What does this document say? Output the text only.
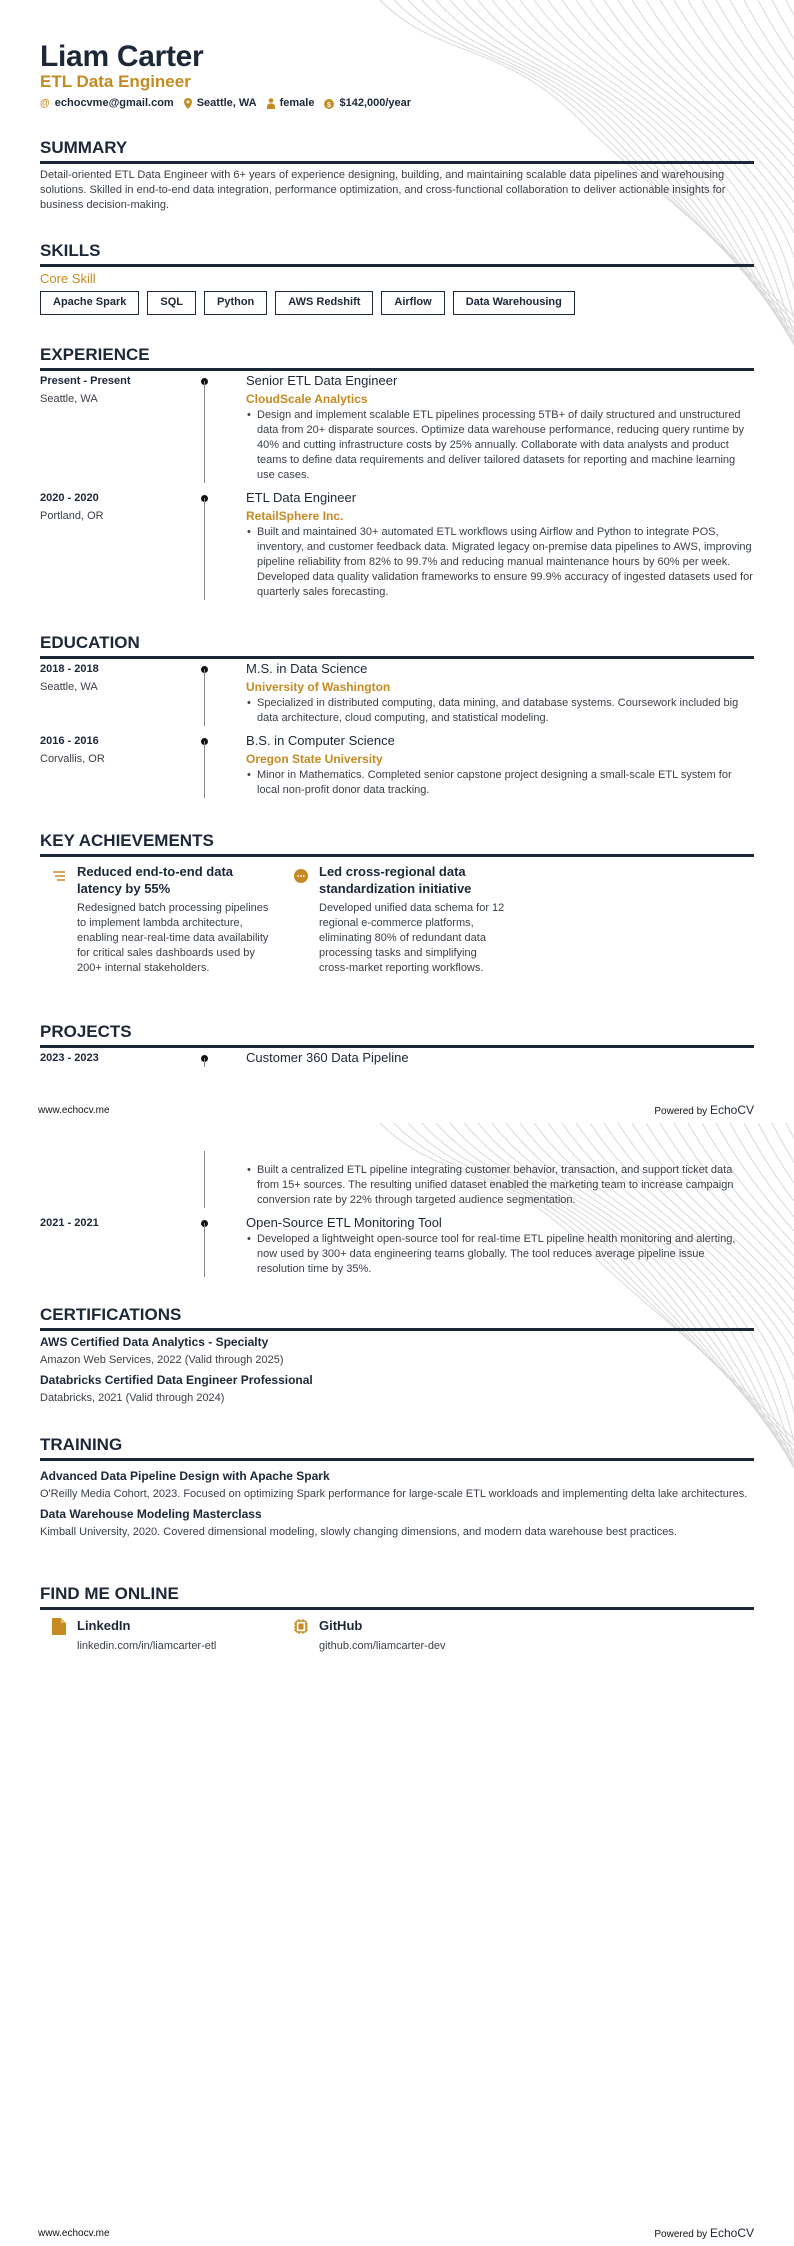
Liam Carter
ETL Data Engineer
@ echocvme@gmail.com Seattle, WA female $ $142,000/year
SUMMARY
Detail-oriented ETL Data Engineer with 6+ years of experience designing, building, and maintaining scalable data pipelines and warehousing solutions. Skilled in end-to-end data integration, performance optimization, and cross-functional collaboration to deliver actionable insights for business decision-making.
SKILLS
Core Skill
Apache Spark	SQL	Python	AWS Redshift	Airflow	Data Warehousing
EXPERIENCE
Present - Present
Seattle, WA
Senior ETL Data Engineer
CloudScale Analytics
• Design and implement scalable ETL pipelines processing 5TB+ of daily structured and unstructured data from 20+ disparate sources. Optimize data warehouse performance, reducing query runtime by 40% and cutting infrastructure costs by 25% annually. Collaborate with data analysts and product teams to define data requirements and deliver tailored datasets for reporting and machine learning use cases.
2020 - 2020
Portland, OR
ETL Data Engineer
RetailSphere Inc.
• Built and maintained 30+ automated ETL workflows using Airflow and Python to integrate POS, inventory, and customer feedback data. Migrated legacy on-premise data pipelines to AWS, improving pipeline reliability from 82% to 99.7% and reducing manual maintenance hours by 60% per week. Developed data quality validation frameworks to ensure 99.9% accuracy of ingested datasets used for quarterly sales forecasting.
EDUCATION
2018 - 2018
Seattle, WA
M.S. in Data Science
University of Washington
• Specialized in distributed computing, data mining, and database systems. Coursework included big data architecture, cloud computing, and statistical modeling.
2016 - 2016
Corvallis, OR
B.S. in Computer Science
Oregon State University
• Minor in Mathematics. Completed senior capstone project designing a small-scale ETL system for local non-profit donor data tracking.
KEY ACHIEVEMENTS
Reduced end-to-end data latency by 55%
Redesigned batch processing pipelines to implement lambda architecture, enabling near-real-time data availability for critical sales dashboards used by 200+ internal stakeholders.
Led cross-regional data standardization initiative
Developed unified data schema for 12 regional e-commerce platforms, eliminating 80% of redundant data processing tasks and simplifying cross-market reporting workflows.
PROJECTS
2023 - 2023	Customer 360 Data Pipeline
www.echocv.me	Powered by EchoCV
• Built a centralized ETL pipeline integrating customer behavior, transaction, and support ticket data from 15+ sources. The resulting unified dataset enabled the marketing team to increase campaign conversion rate by 22% through targeted audience segmentation.
2021 - 2021	Open-Source ETL Monitoring Tool
• Developed a lightweight open-source tool for real-time ETL pipeline health monitoring and alerting, now used by 300+ data engineering teams globally. The tool reduces average pipeline issue resolution time by 35%.
CERTIFICATIONS
AWS Certified Data Analytics - Specialty
Amazon Web Services, 2022 (Valid through 2025)
Databricks Certified Data Engineer Professional
Databricks, 2021 (Valid through 2024)
TRAINING
Advanced Data Pipeline Design with Apache Spark
O'Reilly Media Cohort, 2023. Focused on optimizing Spark performance for large-scale ETL workloads and implementing delta lake architectures.
Data Warehouse Modeling Masterclass
Kimball University, 2020. Covered dimensional modeling, slowly changing dimensions, and modern data warehouse best practices.
FIND ME ONLINE
LinkedIn
linkedin.com/in/liamcarter-etl
GitHub
github.com/liamcarter-dev
www.echocv.me	Powered by EchoCV
